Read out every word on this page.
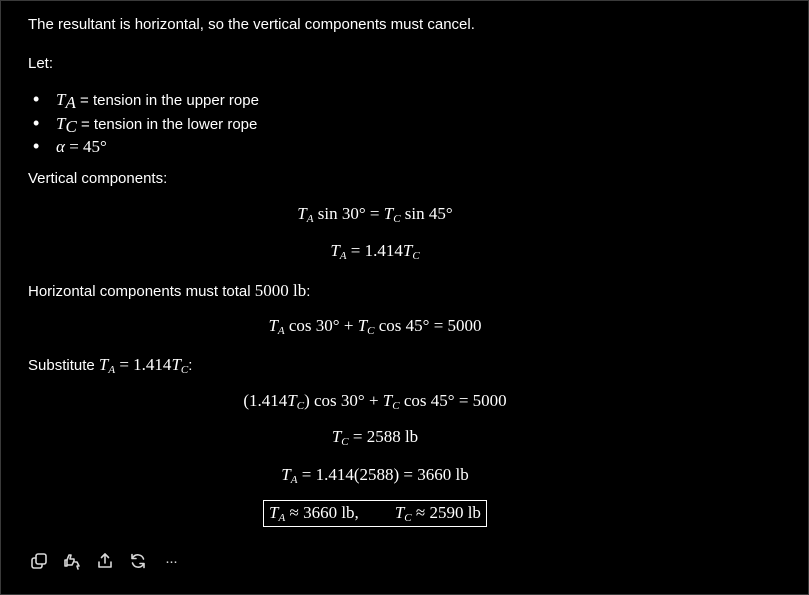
The resultant is horizontal, so the vertical components must cancel.
Let:
• $T_A$ = tension in the upper rope
• $T_C$ = tension in the lower rope
• α = 45°
Vertical components:
$T_A$ $\sin 30^\circ = T_C$ sin 45°
$T_A = 1.414T_C$
Horizontal components must total 5000 lb:
$T_A$ $\cos 30^\circ + T_C$ cos 45° = 5000
Substitute $T_A = 1.414T_C$:
$(1.414T_C)$ $\cos 30^\circ + T_C$ cos 45° = 5000
$T_C = 2588$ lb
$T_A = 1.414(2588) = 3660$ lb
$T_A \approx 3660$ lb, $T_C \approx 2590$ lb
···
